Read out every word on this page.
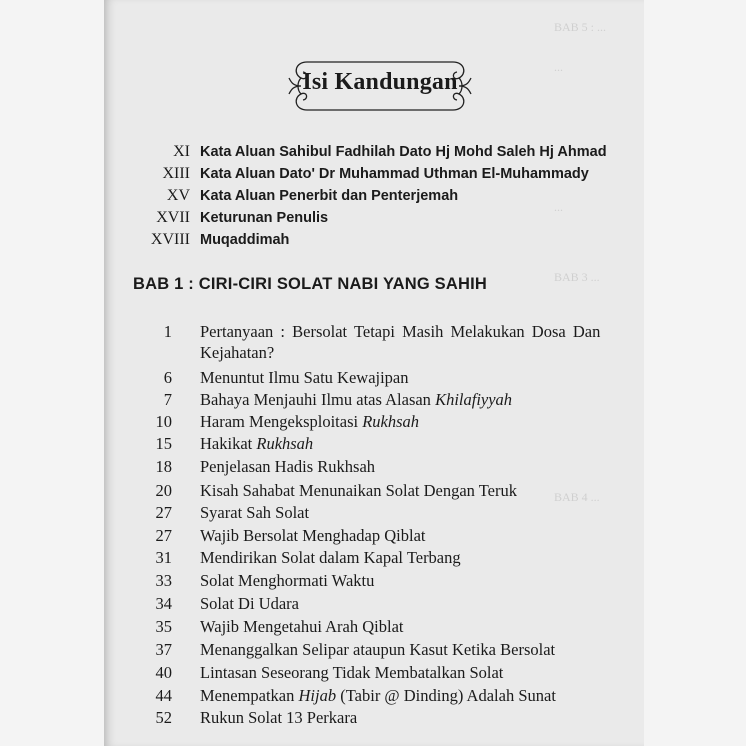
BAB 5 : ...
...
...
BAB 3 ...
BAB 4 ...
Isi Kandungan
XI Kata Aluan Sahibul Fadhilah Dato Hj Mohd Saleh Hj Ahmad
XIII Kata Aluan Dato' Dr Muhammad Uthman El-Muhammady
XV Kata Aluan Penerbit dan Penterjemah
XVII Keturunan Penulis
XVIII Muqaddimah
BAB 1 : CIRI-CIRI SOLAT NABI YANG SAHIH
1 Pertanyaan : Bersolat Tetapi Masih Melakukan Dosa Dan
Kejahatan?
6 Menuntut Ilmu Satu Kewajipan
7 Bahaya Menjauhi Ilmu atas Alasan Khilafiyyah
10 Haram Mengeksploitasi Rukhsah
15 Hakikat Rukhsah
18 Penjelasan Hadis Rukhsah
20 Kisah Sahabat Menunaikan Solat Dengan Teruk
27 Syarat Sah Solat
27 Wajib Bersolat Menghadap Qiblat
31 Mendirikan Solat dalam Kapal Terbang
33 Solat Menghormati Waktu
34 Solat Di Udara
35 Wajib Mengetahui Arah Qiblat
37 Menanggalkan Selipar ataupun Kasut Ketika Bersolat
40 Lintasan Seseorang Tidak Membatalkan Solat
44 Menempatkan Hijab (Tabir @ Dinding) Adalah Sunat
52 Rukun Solat 13 Perkara
